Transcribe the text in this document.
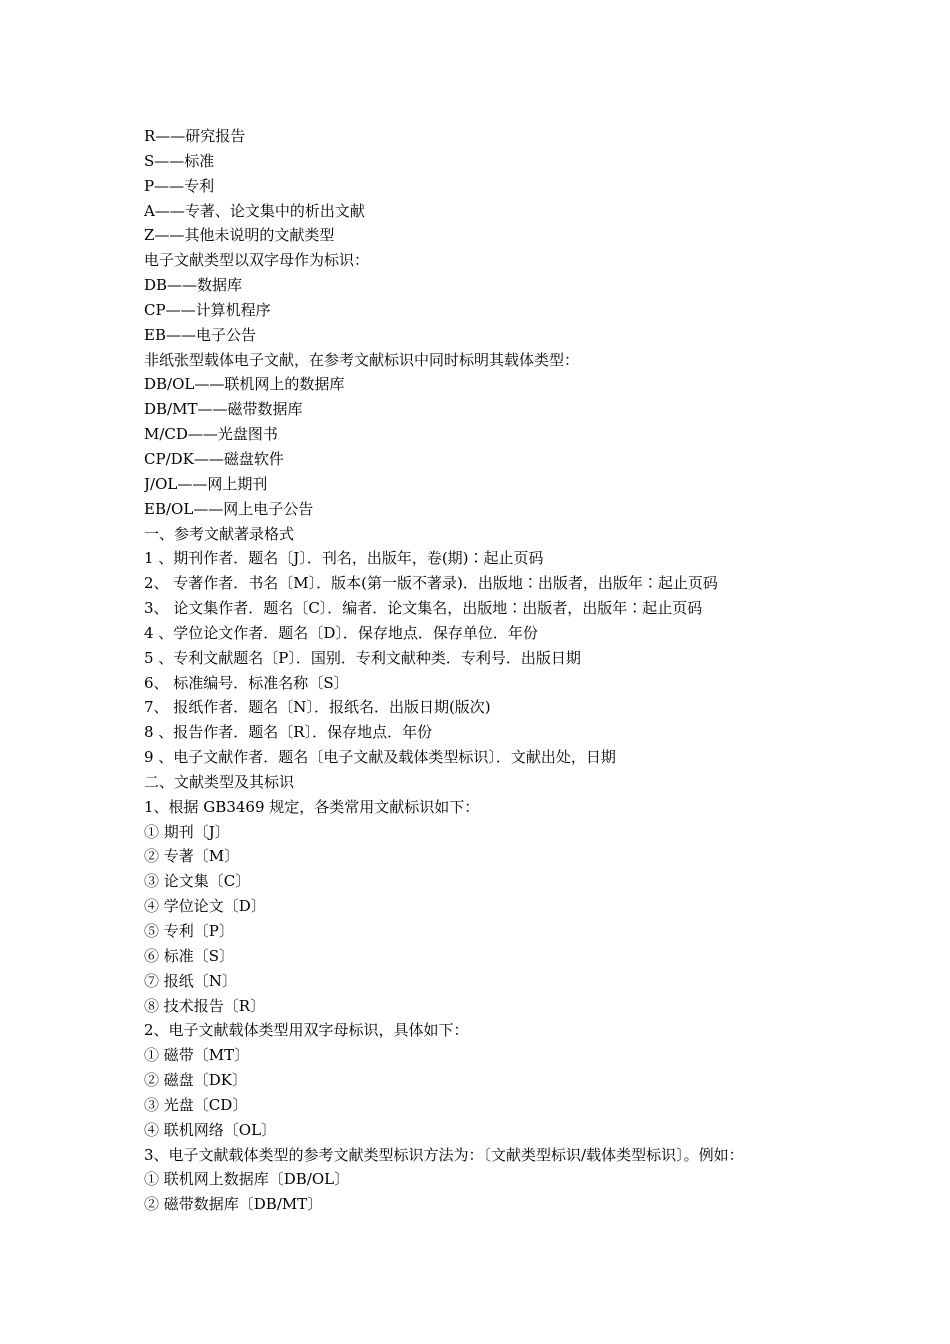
R——研究报告
S——标准
P——专利
A——专著、论文集中的析出文献
Z——其他未说明的文献类型
电子文献类型以双字母作为标识：
DB——数据库
CP——计算机程序
EB——电子公告
非纸张型载体电子文献，在参考文献标识中同时标明其载体类型：
DB/OL——联机网上的数据库
DB/MT——磁带数据库
M/CD——光盘图书
CP/DK——磁盘软件
J/OL——网上期刊
EB/OL——网上电子公告
一、参考文献著录格式
1 、期刊作者．题名〔J〕．刊名，出版年，卷(期)∶起止页码
2、 专著作者．书名〔M〕．版本(第一版不著录)．出版地∶出版者，出版年∶起止页码
3、 论文集作者．题名〔C〕．编者．论文集名，出版地∶出版者，出版年∶起止页码
4 、学位论文作者．题名〔D〕．保存地点．保存单位．年份
5 、专利文献题名〔P〕．国别．专利文献种类．专利号．出版日期
6、 标准编号．标准名称〔S〕
7、 报纸作者．题名〔N〕．报纸名．出版日期(版次)
8 、报告作者．题名〔R〕．保存地点．年份
9 、电子文献作者．题名〔电子文献及载体类型标识〕．文献出处，日期
二、文献类型及其标识
1、根据 GB3469 规定，各类常用文献标识如下：
① 期刊〔J〕
② 专著〔M〕
③ 论文集〔C〕
④ 学位论文〔D〕
⑤ 专利〔P〕
⑥ 标准〔S〕
⑦ 报纸〔N〕
⑧ 技术报告〔R〕
2、电子文献载体类型用双字母标识，具体如下：
① 磁带〔MT〕
② 磁盘〔DK〕
③ 光盘〔CD〕
④ 联机网络〔OL〕
3、电子文献载体类型的参考文献类型标识方法为：〔文献类型标识/载体类型标识〕。例如：
① 联机网上数据库〔DB/OL〕
② 磁带数据库〔DB/MT〕
